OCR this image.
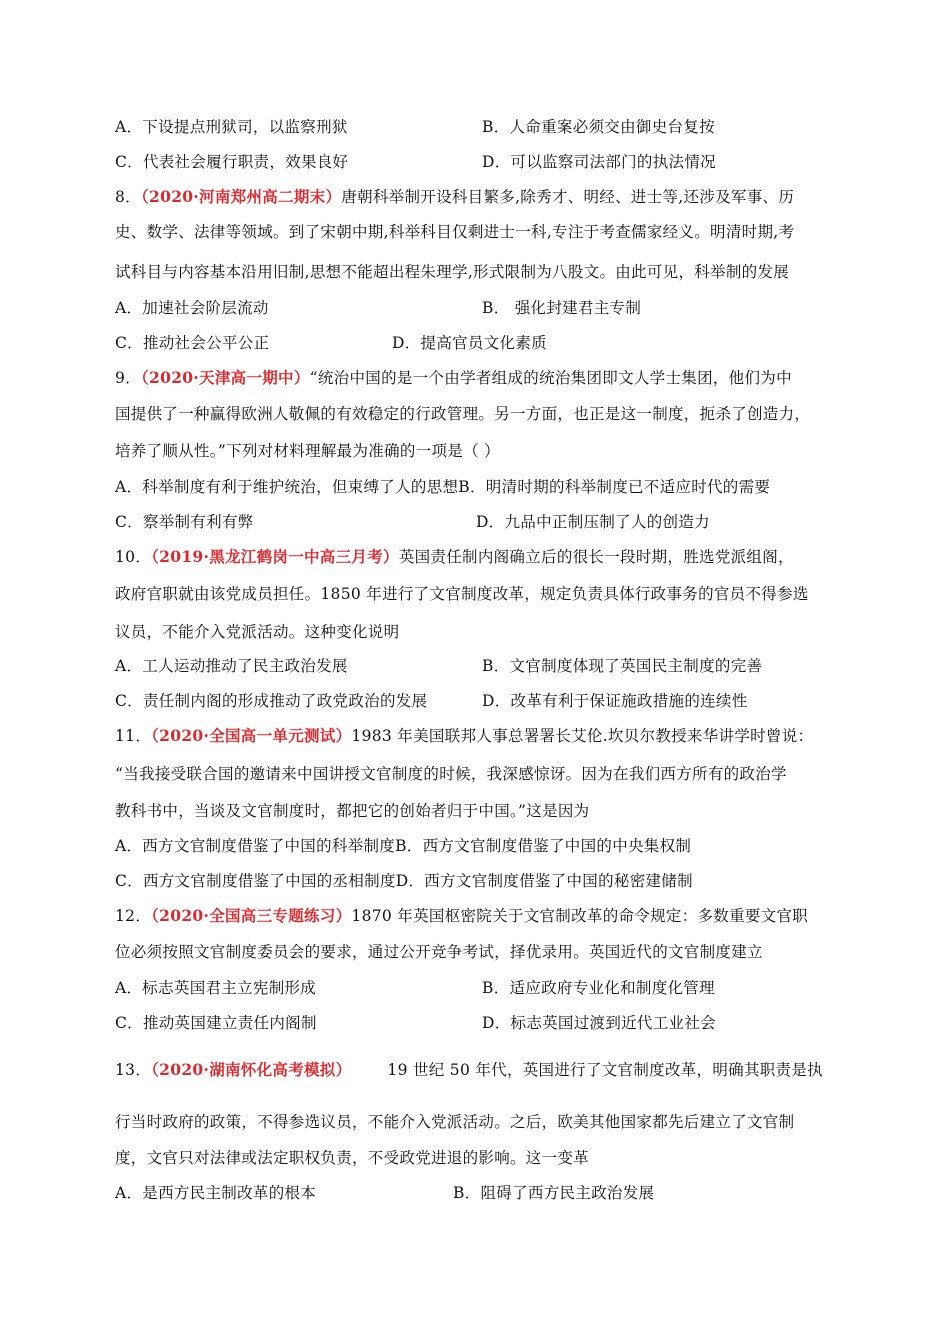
A．下设提点刑狱司，以监察刑狱	B．人命重案必须交由御史台复按
C．代表社会履行职责，效果良好	D．可以监察司法部门的执法情况
8．（2020·河南郑州高二期末）唐朝科举制开设科目繁多,除秀才、明经、进士等,还涉及军事、历
史、数学、法律等领域。到了宋朝中期,科举科目仅剩进士一科,专注于考查儒家经义。明清时期,考
试科目与内容基本沿用旧制,思想不能超出程朱理学,形式限制为八股文。由此可见，科举制的发展
A．加速社会阶层流动	B． 强化封建君主专制
C．推动社会公平公正	D．提高官员文化素质
9．（2020·天津高一期中）“统治中国的是一个由学者组成的统治集团即文人学士集团，他们为中
国提供了一种赢得欧洲人敬佩的有效稳定的行政管理。另一方面，也正是这一制度，扼杀了创造力，
培养了顺从性。”下列对材料理解最为准确的一项是（ ）
A．科举制度有利于维护统治，但束缚了人的思想B．明清时期的科举制度已不适应时代的需要
C．察举制有利有弊	D．九品中正制压制了人的创造力
10．（2019·黑龙江鹤岗一中高三月考）英国责任制内阁确立后的很长一段时期，胜选党派组阁，
政府官职就由该党成员担任。1850 年进行了文官制度改革，规定负责具体行政事务的官员不得参选
议员，不能介入党派活动。这种变化说明
A．工人运动推动了民主政治发展	B．文官制度体现了英国民主制度的完善
C．责任制内阁的形成推动了政党政治的发展	D．改革有利于保证施政措施的连续性
11．（2020·全国高一单元测试）1983 年美国联邦人事总署署长艾伦.坎贝尔教授来华讲学时曾说：
“当我接受联合国的邀请来中国讲授文官制度的时候，我深感惊讶。因为在我们西方所有的政治学
教科书中，当谈及文官制度时，都把它的创始者归于中国。”这是因为
A．西方文官制度借鉴了中国的科举制度B．西方文官制度借鉴了中国的中央集权制
C．西方文官制度借鉴了中国的丞相制度D．西方文官制度借鉴了中国的秘密建储制
12．（2020·全国高三专题练习）1870 年英国枢密院关于文官制改革的命令规定：多数重要文官职
位必须按照文官制度委员会的要求，通过公开竞争考试，择优录用。英国近代的文官制度建立
A．标志英国君主立宪制形成	B．适应政府专业化和制度化管理
C．推动英国建立责任内阁制	D．标志英国过渡到近代工业社会
13．（2020·湖南怀化高考模拟） 19 世纪 50 年代，英国进行了文官制度改革，明确其职责是执
行当时政府的政策，不得参选议员，不能介入党派活动。之后，欧美其他国家都先后建立了文官制
度，文官只对法律或法定职权负责，不受政党进退的影响。这一变革
A．是西方民主制改革的根本	B．阻碍了西方民主政治发展
